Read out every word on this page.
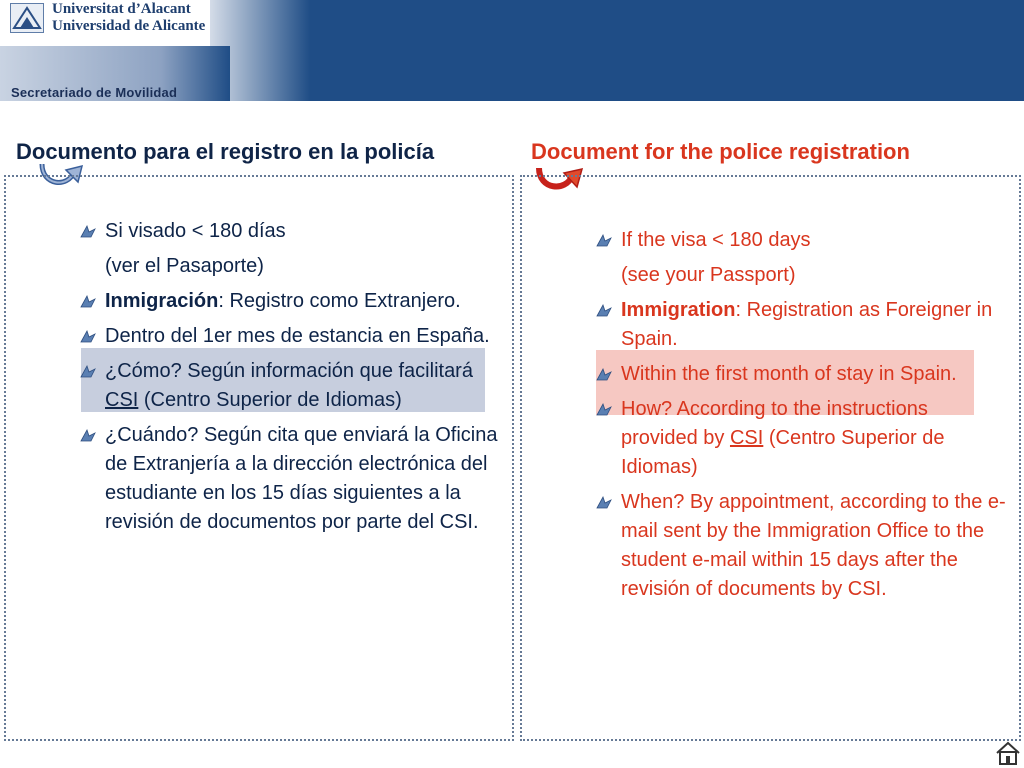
Universitat d’Alacant
Universidad de Alicante
Secretariado de Movilidad
Documento para el registro en la policía	Document for the police registration
Si visado < 180 días
(ver el Pasaporte)
Inmigración: Registro como Extranjero.
Dentro del 1er mes de estancia en España.
¿Cómo? Según información que facilitará CSI (Centro Superior de Idiomas)
¿Cuándo? Según cita que enviará la Oficina de Extranjería a la dirección electrónica del estudiante en los 15 días siguientes a la revisión de documentos por parte del CSI.
If the visa < 180 days
(see your Passport)
Immigration: Registration as Foreigner in Spain.
Within the first month of stay in Spain.
How? According to the instructions provided by CSI (Centro Superior de Idiomas)
When? By appointment, according to the e-mail sent by the Immigration Office to the student e-mail within 15 days after the revisión of documents by CSI.
